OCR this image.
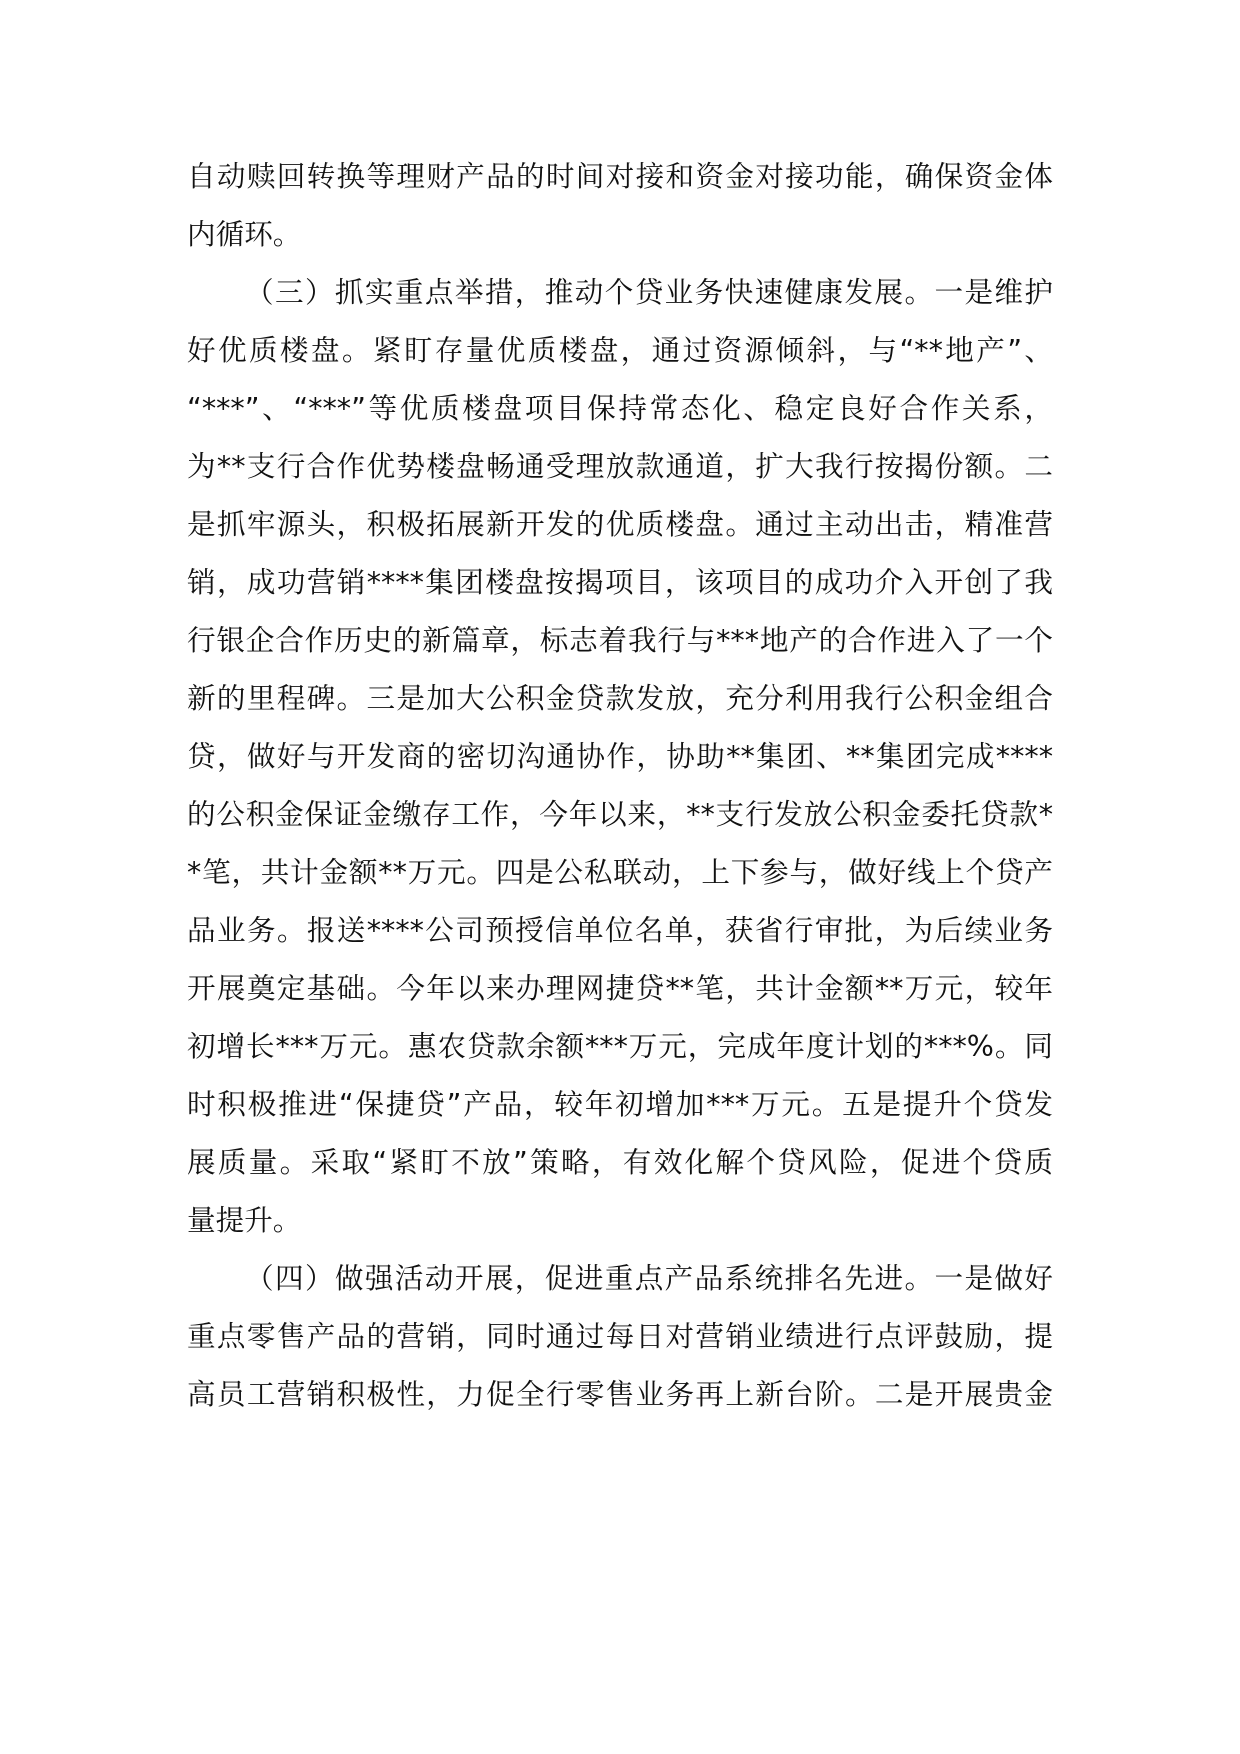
自动赎回转换等理财产品的时间对接和资金对接功能，确保资金体
内循环。
（三）抓实重点举措，推动个贷业务快速健康发展。一是维护
好优质楼盘。紧盯存量优质楼盘，通过资源倾斜，与“**地产”、
“***”、“***”等优质楼盘项目保持常态化、稳定良好合作关系，
为**支行合作优势楼盘畅通受理放款通道，扩大我行按揭份额。二
是抓牢源头，积极拓展新开发的优质楼盘。通过主动出击，精准营
销，成功营销****集团楼盘按揭项目，该项目的成功介入开创了我
行银企合作历史的新篇章，标志着我行与***地产的合作进入了一个
新的里程碑。三是加大公积金贷款发放，充分利用我行公积金组合
贷，做好与开发商的密切沟通协作，协助**集团、**集团完成****
的公积金保证金缴存工作，今年以来，**支行发放公积金委托贷款*
*笔，共计金额**万元。四是公私联动，上下参与，做好线上个贷产
品业务。报送****公司预授信单位名单，获省行审批，为后续业务
开展奠定基础。今年以来办理网捷贷**笔，共计金额**万元，较年
初增长***万元。惠农贷款余额***万元，完成年度计划的***%。同
时积极推进“保捷贷”产品，较年初增加***万元。五是提升个贷发
展质量。采取“紧盯不放”策略，有效化解个贷风险，促进个贷质
量提升。
（四）做强活动开展，促进重点产品系统排名先进。一是做好
重点零售产品的营销，同时通过每日对营销业绩进行点评鼓励，提
高员工营销积极性，力促全行零售业务再上新台阶。二是开展贵金
